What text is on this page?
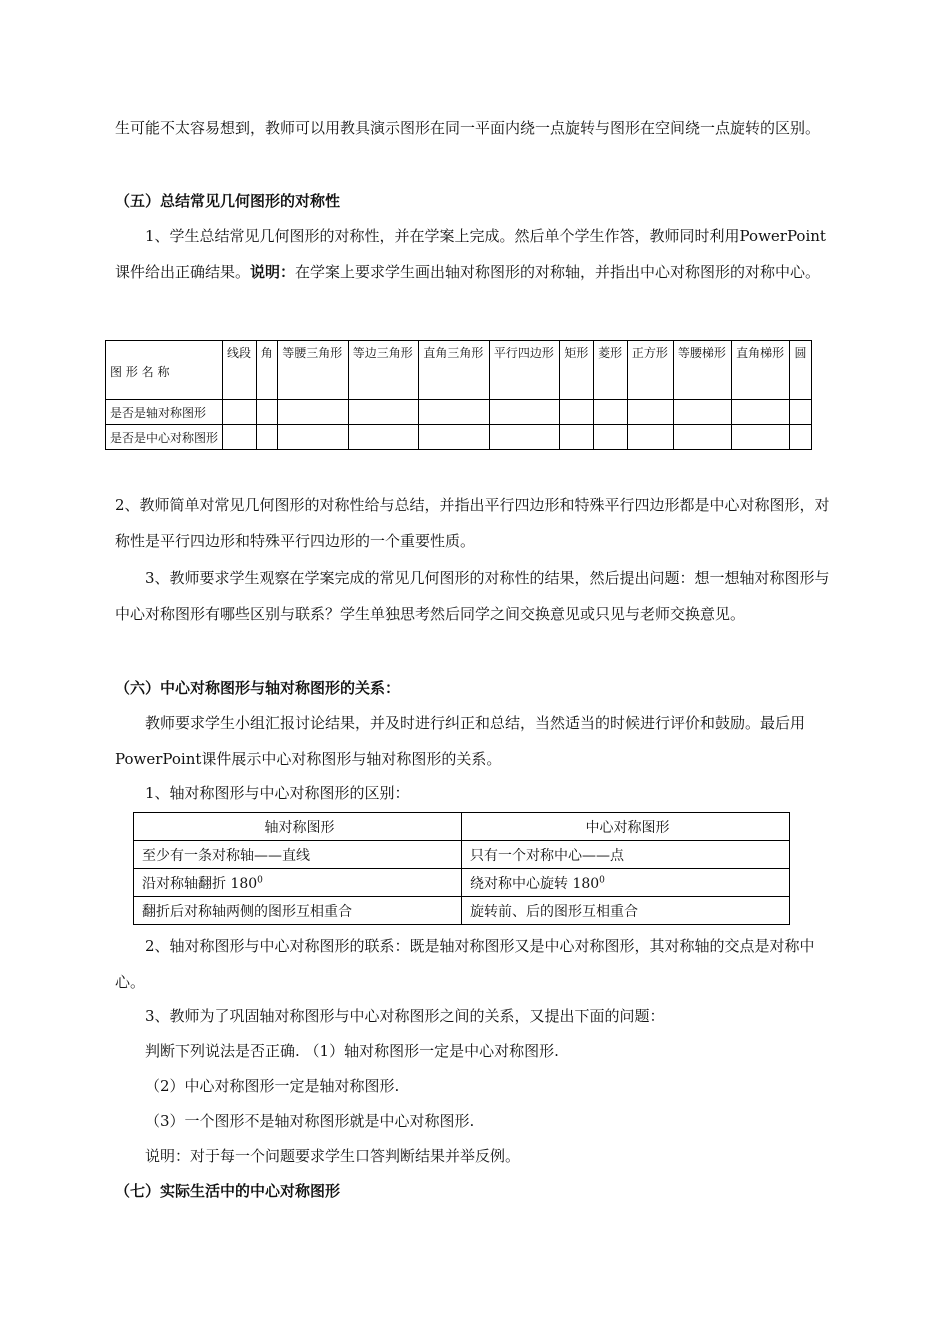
生可能不太容易想到，教师可以用教具演示图形在同一平面内绕一点旋转与图形在空间绕一点旋转的区别。

（五）总结常见几何图形的对称性

1、学生总结常见几何图形的对称性，并在学案上完成。然后单个学生作答，教师同时利用PowerPoint课件给出正确结果。说明：在学案上要求学生画出轴对称图形的对称轴，并指出中心对称图形的对称中心。

图 形 名 称	线段	角	等腰三角形	等边三角形	直角三角形	平行四边形	矩形	菱形	正方形	等腰梯形	直角梯形	圆
是否是轴对称图形												
是否是中心对称图形												

2、教师简单对常见几何图形的对称性给与总结，并指出平行四边形和特殊平行四边形都是中心对称图形，对称性是平行四边形和特殊平行四边形的一个重要性质。

3、教师要求学生观察在学案完成的常见几何图形的对称性的结果，然后提出问题：想一想轴对称图形与中心对称图形有哪些区别与联系？学生单独思考然后同学之间交换意见或只见与老师交换意见。

（六）中心对称图形与轴对称图形的关系：

教师要求学生小组汇报讨论结果，并及时进行纠正和总结，当然适当的时候进行评价和鼓励。最后用PowerPoint课件展示中心对称图形与轴对称图形的关系。

1、轴对称图形与中心对称图形的区别：

轴对称图形	中心对称图形
至少有一条对称轴——直线	只有一个对称中心——点
沿对称轴翻折 $180^0$	绕对称中心旋转 $180^0$
翻折后对称轴两侧的图形互相重合	旋转前、后的图形互相重合

2、轴对称图形与中心对称图形的联系：既是轴对称图形又是中心对称图形，其对称轴的交点是对称中心。

3、教师为了巩固轴对称图形与中心对称图形之间的关系，又提出下面的问题：

判断下列说法是否正确. （1）轴对称图形一定是中心对称图形.

（2）中心对称图形一定是轴对称图形.

（3）一个图形不是轴对称图形就是中心对称图形.

说明：对于每一个问题要求学生口答判断结果并举反例。

（七）实际生活中的中心对称图形
